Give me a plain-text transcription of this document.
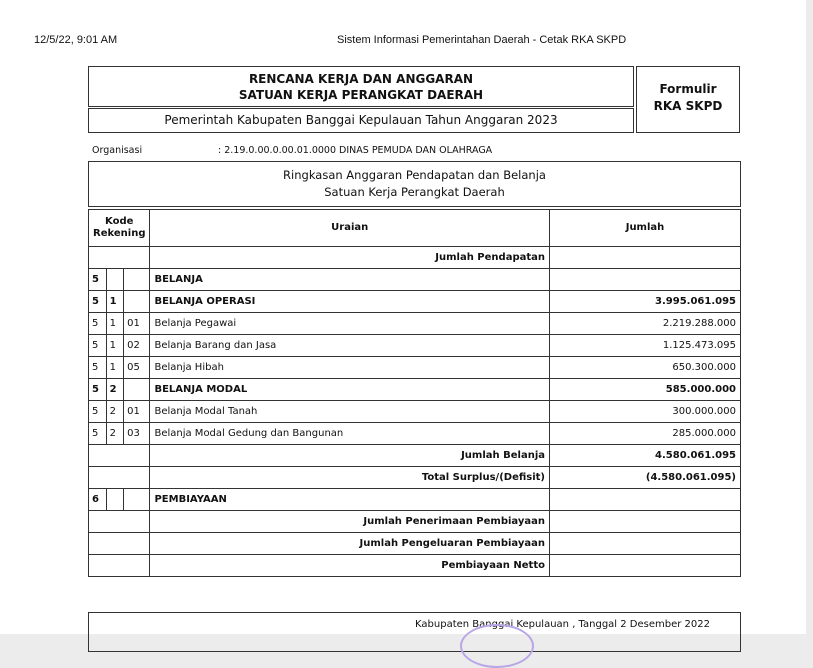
12/5/22, 9:01 AM	Sistem Informasi Pemerintahan Daerah - Cetak RKA SKPD
RENCANA KERJA DAN ANGGARAN
SATUAN KERJA PERANGKAT DAERAH
Pemerintah Kabupaten Banggai Kepulauan Tahun Anggaran 2023
Formulir
RKA SKPD
Organisasi	: 2.19.0.00.0.00.01.0000 DINAS PEMUDA DAN OLAHRAGA
Ringkasan Anggaran Pendapatan dan Belanja
Satuan Kerja Perangkat Daerah
Kode Rekening			Uraian	Jumlah
			Jumlah Pendapatan	
5			BELANJA	
5	1		BELANJA OPERASI	3.995.061.095
5	1	01	Belanja Pegawai	2.219.288.000
5	1	02	Belanja Barang dan Jasa	1.125.473.095
5	1	05	Belanja Hibah	650.300.000
5	2		BELANJA MODAL	585.000.000
5	2	01	Belanja Modal Tanah	300.000.000
5	2	03	Belanja Modal Gedung dan Bangunan	285.000.000
			Jumlah Belanja	4.580.061.095
			Total Surplus/(Defisit)	(4.580.061.095)
6			PEMBIAYAAN	
			Jumlah Penerimaan Pembiayaan	
			Jumlah Pengeluaran Pembiayaan	
			Pembiayaan Netto	
Kabupaten Banggai Kepulauan , Tanggal 2 Desember 2022
